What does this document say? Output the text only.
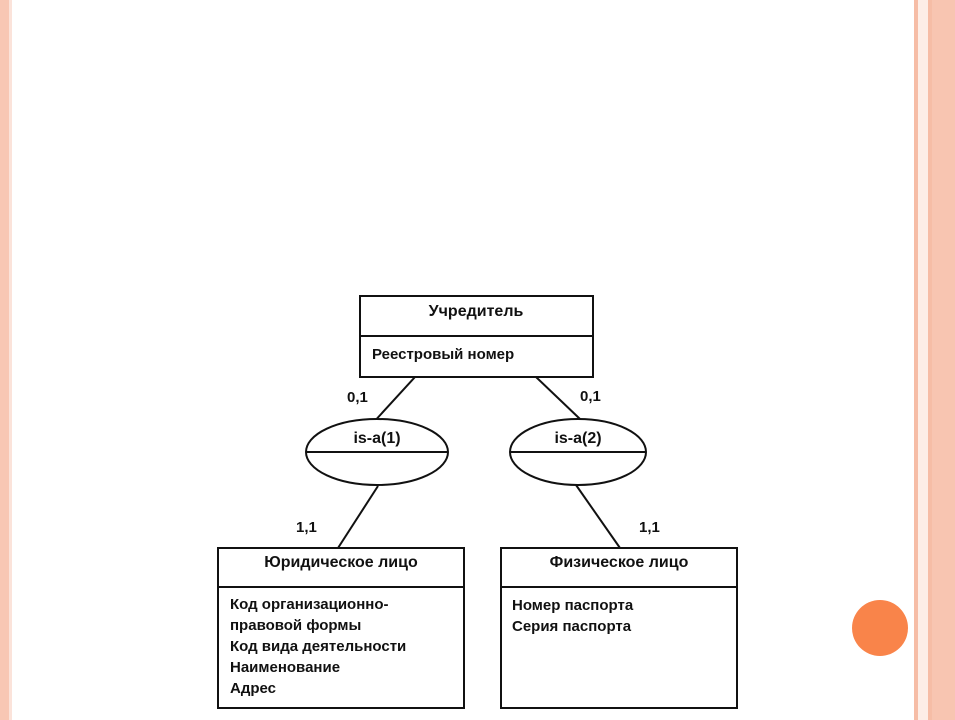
Учредитель
Реестровый номер
0,1	0,1
is-a(1)	is-a(2)
1,1	1,1
Юридическое лицо
Код организационно-
правовой формы
Код вида деятельности
Наименование
Адрес
Физическое лицо
Номер паспорта
Серия паспорта
